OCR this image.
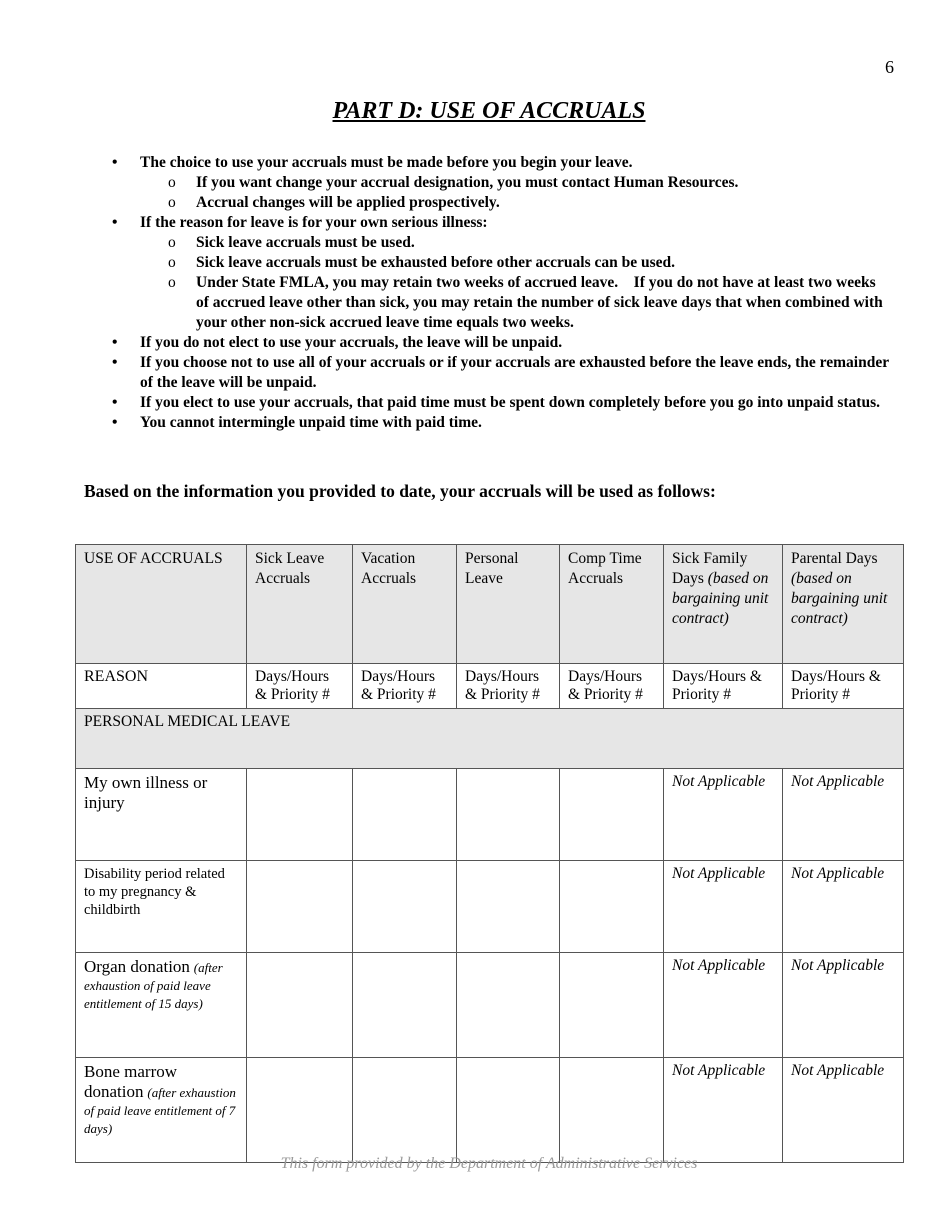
6
PART D: USE OF ACCRUALS
• The choice to use your accruals must be made before you begin your leave.
o If you want change your accrual designation, you must contact Human Resources.
o Accrual changes will be applied prospectively.
• If the reason for leave is for your own serious illness:
o Sick leave accruals must be used.
o Sick leave accruals must be exhausted before other accruals can be used.
o Under State FMLA, you may retain two weeks of accrued leave.    If you do not have at least two weeks of accrued leave other than sick, you may retain the number of sick leave days that when combined with your other non-sick accrued leave time equals two weeks.
• If you do not elect to use your accruals, the leave will be unpaid.
• If you choose not to use all of your accruals or if your accruals are exhausted before the leave ends, the remainder of the leave will be unpaid.
• If you elect to use your accruals, that paid time must be spent down completely before you go into unpaid status.
• You cannot intermingle unpaid time with paid time.
Based on the information you provided to date, your accruals will be used as follows:
USE OF ACCRUALS	Sick Leave Accruals	Vacation Accruals	Personal Leave	Comp Time Accruals	Sick Family Days (based on bargaining unit contract)	Parental Days (based on bargaining unit contract)
REASON	Days/Hours & Priority #	Days/Hours & Priority #	Days/Hours & Priority #	Days/Hours & Priority #	Days/Hours & Priority #	Days/Hours & Priority #
PERSONAL MEDICAL LEAVE						
My own illness or injury					Not Applicable	Not Applicable
Disability period related to my pregnancy & childbirth					Not Applicable	Not Applicable
Organ donation (after exhaustion of paid leave entitlement of 15 days)					Not Applicable	Not Applicable
Bone marrow donation (after exhaustion of paid leave entitlement of 7 days)					Not Applicable	Not Applicable
This form provided by the Department of Administrative Services
